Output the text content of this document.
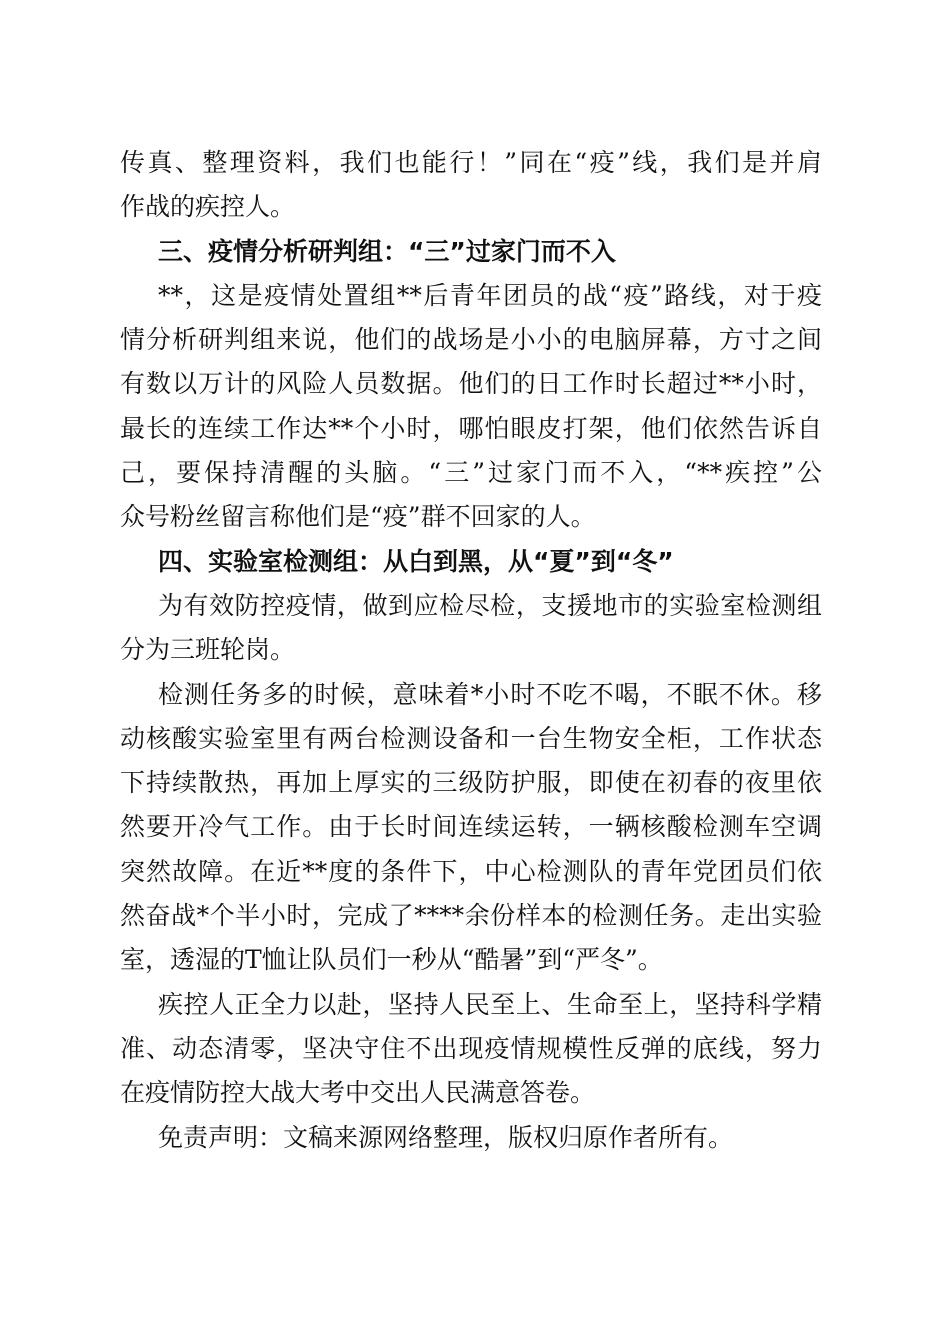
传真、整理资料，我们也能行！”同在“疫”线，我们是并肩
作战的疾控人。
三、疫情分析研判组：“三”过家门而不入
**，这是疫情处置组**后青年团员的战“疫”路线，对于疫
情分析研判组来说，他们的战场是小小的电脑屏幕，方寸之间
有数以万计的风险人员数据。他们的日工作时长超过**小时，
最长的连续工作达**个小时，哪怕眼皮打架，他们依然告诉自
己，要保持清醒的头脑。“三”过家门而不入，“**疾控”公
众号粉丝留言称他们是“疫”群不回家的人。
四、实验室检测组：从白到黑，从“夏”到“冬”
为有效防控疫情，做到应检尽检，支援地市的实验室检测组
分为三班轮岗。
检测任务多的时候，意味着*小时不吃不喝，不眠不休。移
动核酸实验室里有两台检测设备和一台生物安全柜，工作状态
下持续散热，再加上厚实的三级防护服，即使在初春的夜里依
然要开冷气工作。由于长时间连续运转，一辆核酸检测车空调
突然故障。在近**度的条件下，中心检测队的青年党团员们依
然奋战*个半小时，完成了****余份样本的检测任务。走出实验
室，透湿的T恤让队员们一秒从“酷暑”到“严冬”。
疾控人正全力以赴，坚持人民至上、生命至上，坚持科学精
准、动态清零，坚决守住不出现疫情规模性反弹的底线，努力
在疫情防控大战大考中交出人民满意答卷。
免责声明：文稿来源网络整理，版权归原作者所有。
